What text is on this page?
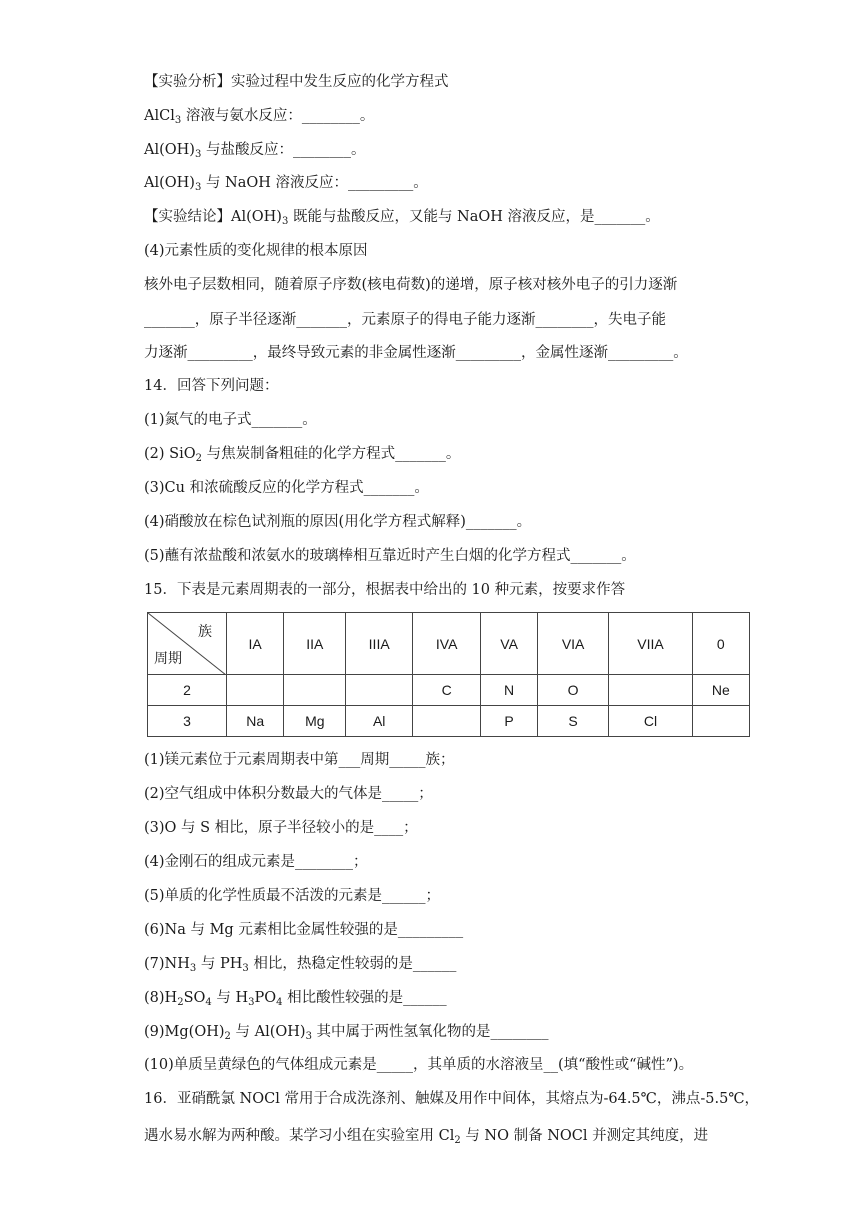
【实验分析】实验过程中发生反应的化学方程式
AlCl$_3$ 溶液与氨水反应：________。
$Al(OH)_3$ 与盐酸反应：________。
$Al(OH)_3$ 与 NaOH 溶液反应：_________。
【实验结论】$Al(OH)_3$ 既能与盐酸反应，又能与 NaOH 溶液反应，是_______。
(4)元素性质的变化规律的根本原因
核外电子层数相同，随着原子序数(核电荷数)的递增，原子核对核外电子的引力逐渐
_______，原子半径逐渐_______，元素原子的得电子能力逐渐________，失电子能
力逐渐_________，最终导致元素的非金属性逐渐_________，金属性逐渐_________。
14．回答下列问题：
(1)氮气的电子式_______。
(2) SiO$_2$ 与焦炭制备粗硅的化学方程式_______。
(3)Cu 和浓硫酸反应的化学方程式_______。
(4)硝酸放在棕色试剂瓶的原因(用化学方程式解释)_______。
(5)蘸有浓盐酸和浓氨水的玻璃棒相互靠近时产生白烟的化学方程式_______。
15．下表是元素周期表的一部分，根据表中给出的 10 种元素，按要求作答
族
周期	IA	IIA	IIIA	IVA	VA	VIA	VIIA	0
2				C	N	O		Ne
3	Na	Mg	Al		P	S	Cl	
(1)镁元素位于元素周期表中第___周期_____族；
(2)空气组成中体积分数最大的气体是_____；
(3)O 与 S 相比，原子半径较小的是____；
(4)金刚石的组成元素是________；
(5)单质的化学性质最不活泼的元素是______；
(6)Na 与 Mg 元素相比金属性较强的是_________
$(7)NH_3$ 与 $PH_3$ 相比，热稳定性较弱的是______
$(8)H_2SO_4$ 与 $H_3PO_4$ 相比酸性较强的是______
$(9)Mg(OH)_2$ 与 $Al(OH)_3$ 其中属于两性氢氧化物的是________
(10)单质呈黄绿色的气体组成元素是_____，其单质的水溶液呈__(填“酸性或“碱性”)。
16．亚硝酰氯 NOCl 常用于合成洗涤剂、触媒及用作中间体，其熔点为-64.5℃，沸点-5.5℃，
遇水易水解为两种酸。某学习小组在实验室用 $Cl_2$ 与 NO 制备 NOCl 并测定其纯度，进
